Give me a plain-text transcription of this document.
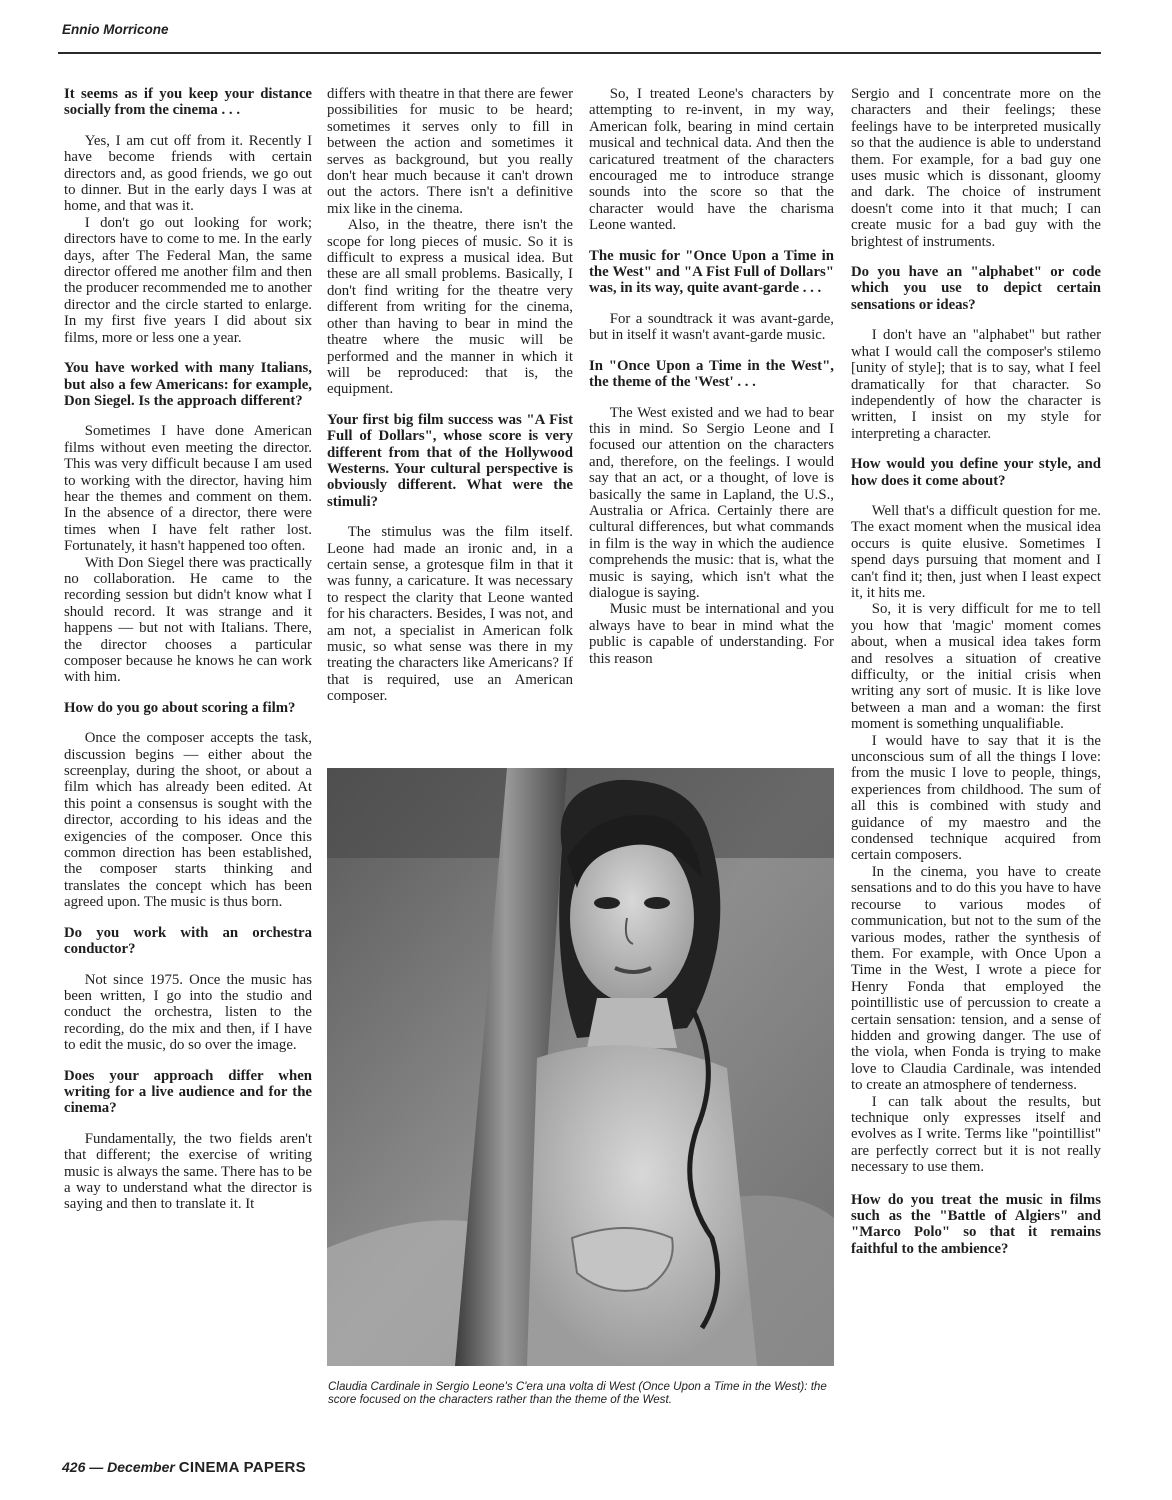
Ennio Morricone

It seems as if you keep your distance socially from the cinema . . .

Yes, I am cut off from it. Recently I have become friends with certain directors and, as good friends, we go out to dinner. But in the early days I was at home, and that was it.

I don't go out looking for work; directors have to come to me. In the early days, after The Federal Man, the same director offered me another film and then the producer recommended me to another director and the circle started to enlarge. In my first five years I did about six films, more or less one a year.

You have worked with many Italians, but also a few Americans: for example, Don Siegel. Is the approach different?

Sometimes I have done American films without even meeting the director. This was very difficult because I am used to working with the director, having him hear the themes and comment on them. In the absence of a director, there were times when I have felt rather lost. Fortunately, it hasn't happened too often.

With Don Siegel there was practically no collaboration. He came to the recording session but didn't know what I should record. It was strange and it happens — but not with Italians. There, the director chooses a particular composer because he knows he can work with him.

How do you go about scoring a film?

Once the composer accepts the task, discussion begins — either about the screenplay, during the shoot, or about a film which has already been edited. At this point a consensus is sought with the director, according to his ideas and the exigencies of the composer. Once this common direction has been established, the composer starts thinking and translates the concept which has been agreed upon. The music is thus born.

Do you work with an orchestra conductor?

Not since 1975. Once the music has been written, I go into the studio and conduct the orchestra, listen to the recording, do the mix and then, if I have to edit the music, do so over the image.

Does your approach differ when writing for a live audience and for the cinema?

Fundamentally, the two fields aren't that different; the exercise of writing music is always the same. There has to be a way to understand what the director is saying and then to translate it. It

differs with theatre in that there are fewer possibilities for music to be heard; sometimes it serves only to fill in between the action and sometimes it serves as background, but you really don't hear much because it can't drown out the actors. There isn't a definitive mix like in the cinema.

Also, in the theatre, there isn't the scope for long pieces of music. So it is difficult to express a musical idea. But these are all small problems. Basically, I don't find writing for the theatre very different from writing for the cinema, other than having to bear in mind the theatre where the music will be performed and the manner in which it will be reproduced: that is, the equipment.

Your first big film success was "A Fist Full of Dollars", whose score is very different from that of the Hollywood Westerns. Your cultural perspective is obviously different. What were the stimuli?

The stimulus was the film itself. Leone had made an ironic and, in a certain sense, a grotesque film in that it was funny, a caricature. It was necessary to respect the clarity that Leone wanted for his characters. Besides, I was not, and am not, a specialist in American folk music, so what sense was there in my treating the characters like Americans? If that is required, use an American composer.

So, I treated Leone's characters by attempting to re-invent, in my way, American folk, bearing in mind certain musical and technical data. And then the caricatured treatment of the characters encouraged me to introduce strange sounds into the score so that the character would have the charisma Leone wanted.

The music for "Once Upon a Time in the West" and "A Fist Full of Dollars" was, in its way, quite avant-garde . . .

For a soundtrack it was avant-garde, but in itself it wasn't avant-garde music.

In "Once Upon a Time in the West", the theme of the 'West' . . .

The West existed and we had to bear this in mind. So Sergio Leone and I focused our attention on the characters and, therefore, on the feelings. I would say that an act, or a thought, of love is basically the same in Lapland, the U.S., Australia or Africa. Certainly there are cultural differences, but what commands in film is the way in which the audience comprehends the music: that is, what the music is saying, which isn't what the dialogue is saying.

Music must be international and you always have to bear in mind what the public is capable of understanding. For this reason

Sergio and I concentrate more on the characters and their feelings; these feelings have to be interpreted musically so that the audience is able to understand them. For example, for a bad guy one uses music which is dissonant, gloomy and dark. The choice of instrument doesn't come into it that much; I can create music for a bad guy with the brightest of instruments.

Do you have an "alphabet" or code which you use to depict certain sensations or ideas?

I don't have an "alphabet" but rather what I would call the composer's stilemo [unity of style]; that is to say, what I feel dramatically for that character. So independently of how the character is written, I insist on my style for interpreting a character.

How would you define your style, and how does it come about?

Well that's a difficult question for me. The exact moment when the musical idea occurs is quite elusive. Sometimes I spend days pursuing that moment and I can't find it; then, just when I least expect it, it hits me.

So, it is very difficult for me to tell you how that 'magic' moment comes about, when a musical idea takes form and resolves a situation of creative difficulty, or the initial crisis when writing any sort of music. It is like love between a man and a woman: the first moment is something unqualifiable.

I would have to say that it is the unconscious sum of all the things I love: from the music I love to people, things, experiences from childhood. The sum of all this is combined with study and guidance of my maestro and the condensed technique acquired from certain composers.

In the cinema, you have to create sensations and to do this you have to have recourse to various modes of communication, but not to the sum of the various modes, rather the synthesis of them. For example, with Once Upon a Time in the West, I wrote a piece for Henry Fonda that employed the pointillistic use of percussion to create a certain sensation: tension, and a sense of hidden and growing danger. The use of the viola, when Fonda is trying to make love to Claudia Cardinale, was intended to create an atmosphere of tenderness.

I can talk about the results, but technique only expresses itself and evolves as I write. Terms like "pointillist" are perfectly correct but it is not really necessary to use them.

How do you treat the music in films such as the "Battle of Algiers" and "Marco Polo" so that it remains faithful to the ambience?

Claudia Cardinale in Sergio Leone's C'era una volta di West (Once Upon a Time in the West): the score focused on the characters rather than the theme of the West.
426 — December CINEMA PAPERS
